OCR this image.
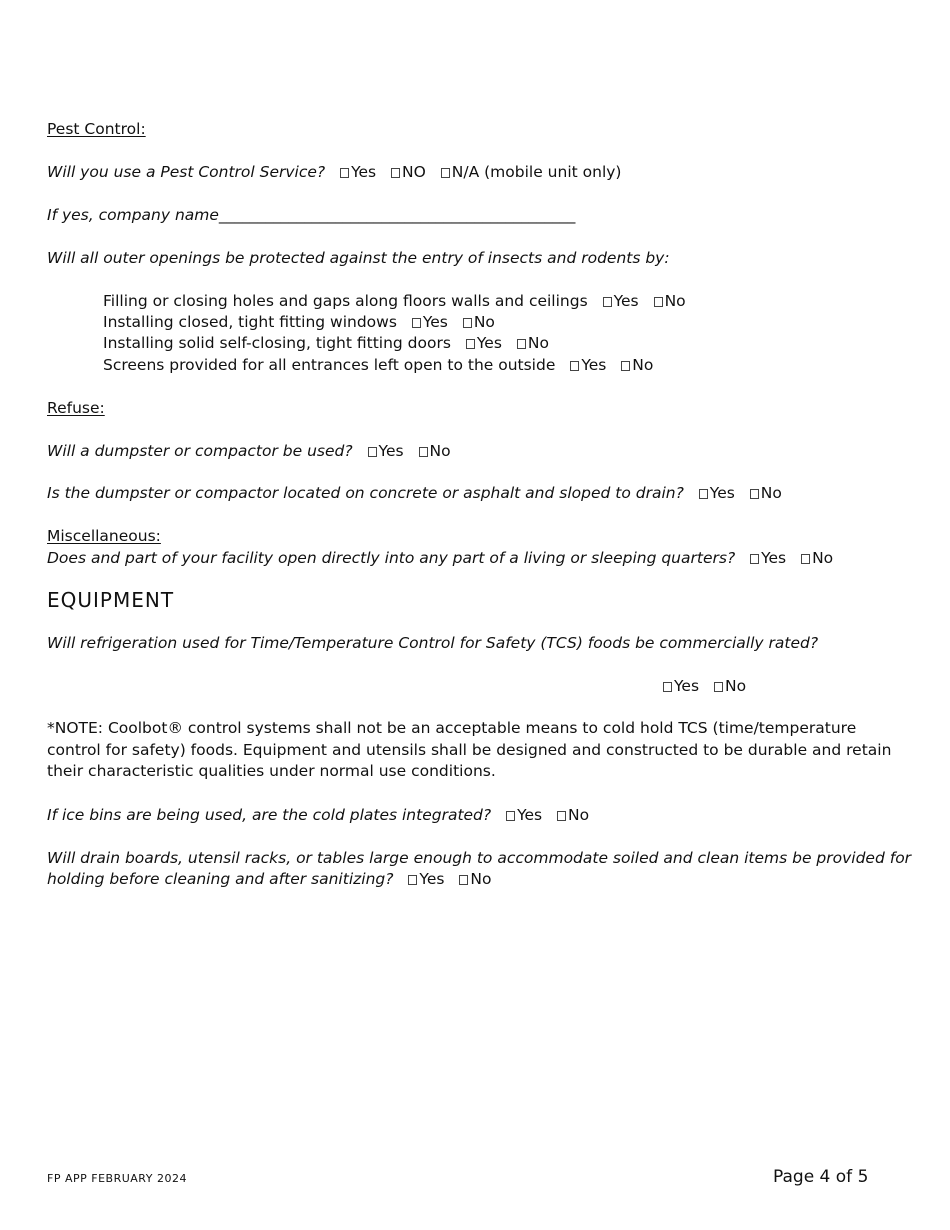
Pest Control:
Will you use a Pest Control Service? Yes NO N/A (mobile unit only)
If yes, company name______________________________________________
Will all outer openings be protected against the entry of insects and rodents by:
Filling or closing holes and gaps along floors walls and ceilings Yes No
Installing closed, tight fitting windows Yes No
Installing solid self-closing, tight fitting doors Yes No
Screens provided for all entrances left open to the outside Yes No
Refuse:
Will a dumpster or compactor be used? Yes No
Is the dumpster or compactor located on concrete or asphalt and sloped to drain? Yes No
Miscellaneous:
Does and part of your facility open directly into any part of a living or sleeping quarters? Yes No
EQUIPMENT
Will refrigeration used for Time/Temperature Control for Safety (TCS) foods be commercially rated?
Yes No
*NOTE: Coolbot® control systems shall not be an acceptable means to cold hold TCS (time/temperature control for safety) foods. Equipment and utensils shall be designed and constructed to be durable and retain their characteristic qualities under normal use conditions.
If ice bins are being used, are the cold plates integrated? Yes No
Will drain boards, utensil racks, or tables large enough to accommodate soiled and clean items be provided for
holding before cleaning and after sanitizing? Yes No
FP APP FEBRUARY 2024	Page 4 of 5
